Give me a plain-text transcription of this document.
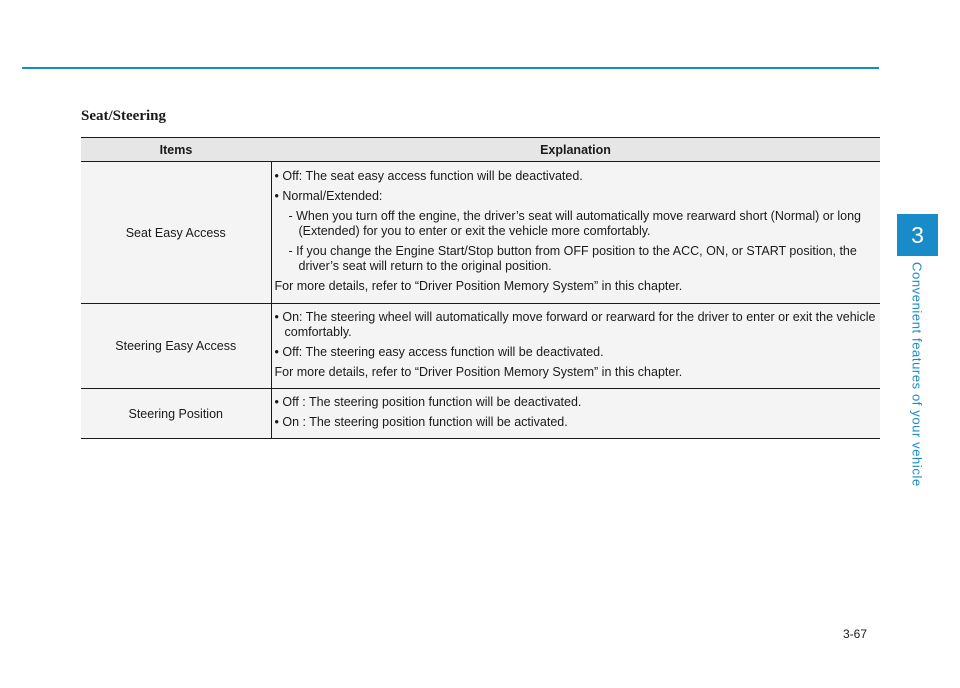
Seat/Steering
3
Convenient features of your vehicle
Items	Explanation
Seat Easy Access	• Off: The seat easy access function will be deactivated.

• Normal/Extended:

- When you turn off the engine, the driver’s seat will automatically move rearward short (Normal) or long (Extended) for you to enter or exit the vehicle more comfortably.

- If you change the Engine Start/Stop button from OFF position to the ACC, ON, or START position, the driver’s seat will return to the original position.

For more details, refer to “Driver Position Memory System” in this chapter.

Steering Easy Access	• On: The steering wheel will automatically move forward or rearward for the driver to enter or exit the vehicle comfortably.

• Off: The steering easy access function will be deactivated.

For more details, refer to “Driver Position Memory System” in this chapter.

Steering Position	• Off : The steering position function will be deactivated.

• On : The steering position function will be activated.

3-67
